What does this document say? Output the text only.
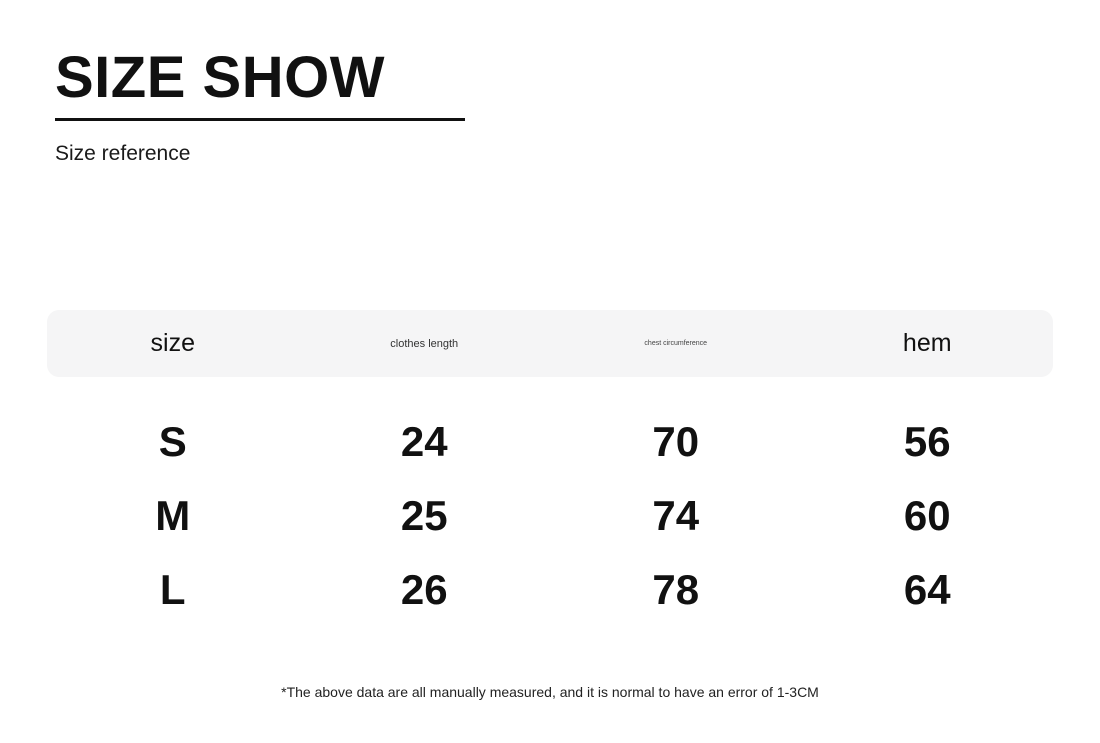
SIZE SHOW
Size reference
size	clothes length	chest circumference	hem
S	24	70	56
M	25	74	60
L	26	78	64
*The above data are all manually measured, and it is normal to have an error of 1-3CM
